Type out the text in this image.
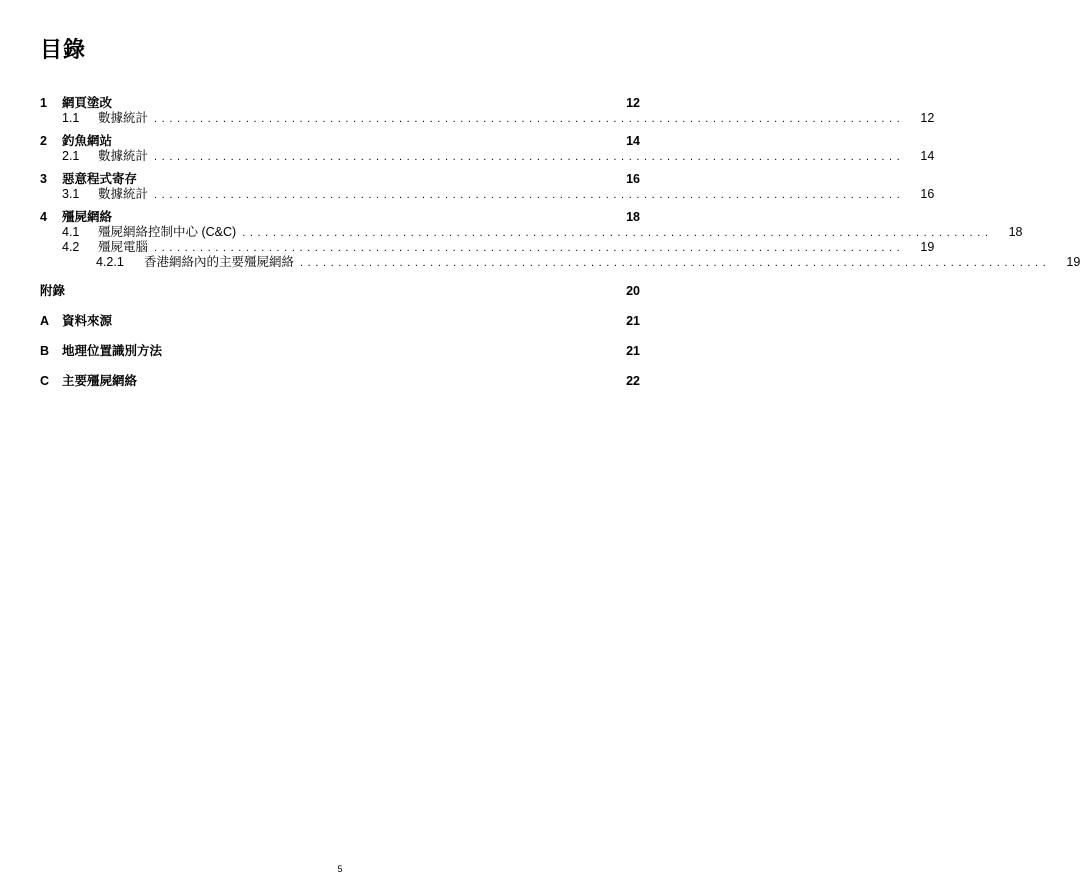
目錄
1	網頁塗改	12
1.1	數據統計 ..................................................................................................	12
2	釣魚網站	14
2.1	數據統計 ..................................................................................................	14
3	惡意程式寄存	16
3.1	數據統計 ..................................................................................................	16
4	殭屍網絡	18
4.1	殭屍網絡控制中心 (C&C) ..................................................................................................	18
4.2	殭屍電腦 ..................................................................................................	19
4.2.1	香港網絡內的主要殭屍網絡 ..................................................................................................	19
附錄	20
A	資料來源	21
B	地理位置識別方法	21
C	主要殭屍網絡	22
5
